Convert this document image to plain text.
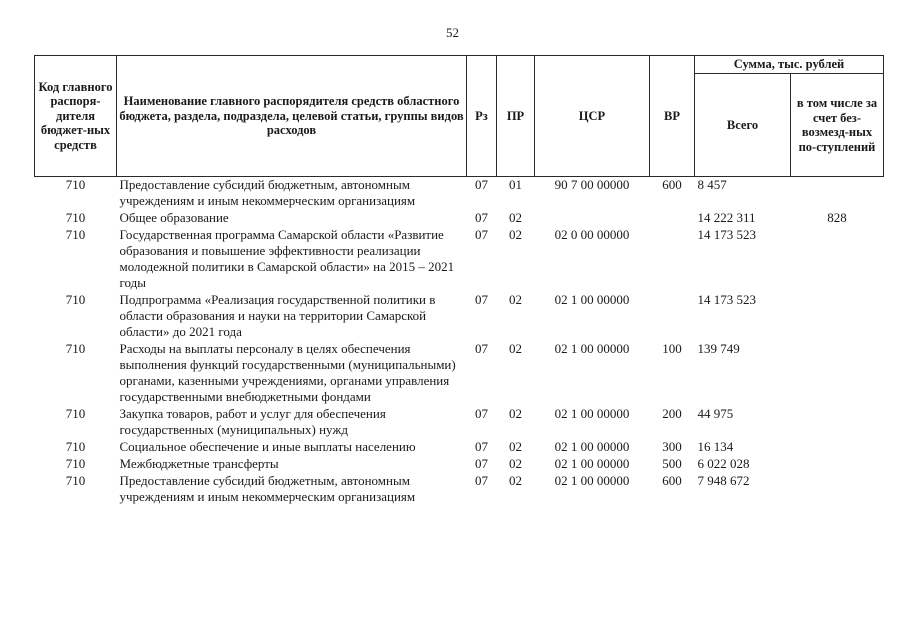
52
Код главного распоря-дителя бюджет-ных средств	Наименование главного распорядителя средств областного бюджета, раздела, подраздела, целевой статьи, группы видов расходов	Рз	ПР	ЦСР	ВР	Сумма, тыс. рублей	
						Всего	в том числе за счет без-возмезд-ных по-ступлений
710	Предоставление субсидий бюджетным, автономным учреждениям и иным некоммерческим организациям	07	01	90 7 00 00000	600	8 457	
710	Общее образование	07	02			14 222 311	828
710	Государственная программа Самарской области «Развитие образования и повышение эффективности реализации молодежной политики в Самарской области» на 2015 – 2021 годы	07	02	02 0 00 00000		14 173 523	
710	Подпрограмма «Реализация государственной политики в области образования и науки на территории Самарской области» до 2021 года	07	02	02 1 00 00000		14 173 523	
710	Расходы на выплаты персоналу в целях обеспечения выполнения функций государственными (муниципальными) органами, казенными учреждениями, органами управления государственными внебюджетными фондами	07	02	02 1 00 00000	100	139 749	
710	Закупка товаров, работ и услуг для обеспечения государственных (муниципальных) нужд	07	02	02 1 00 00000	200	44 975	
710	Социальное обеспечение и иные выплаты населению	07	02	02 1 00 00000	300	16 134	
710	Межбюджетные трансферты	07	02	02 1 00 00000	500	6 022 028	
710	Предоставление субсидий бюджетным, автономным учреждениям и иным некоммерческим организациям	07	02	02 1 00 00000	600	7 948 672	
